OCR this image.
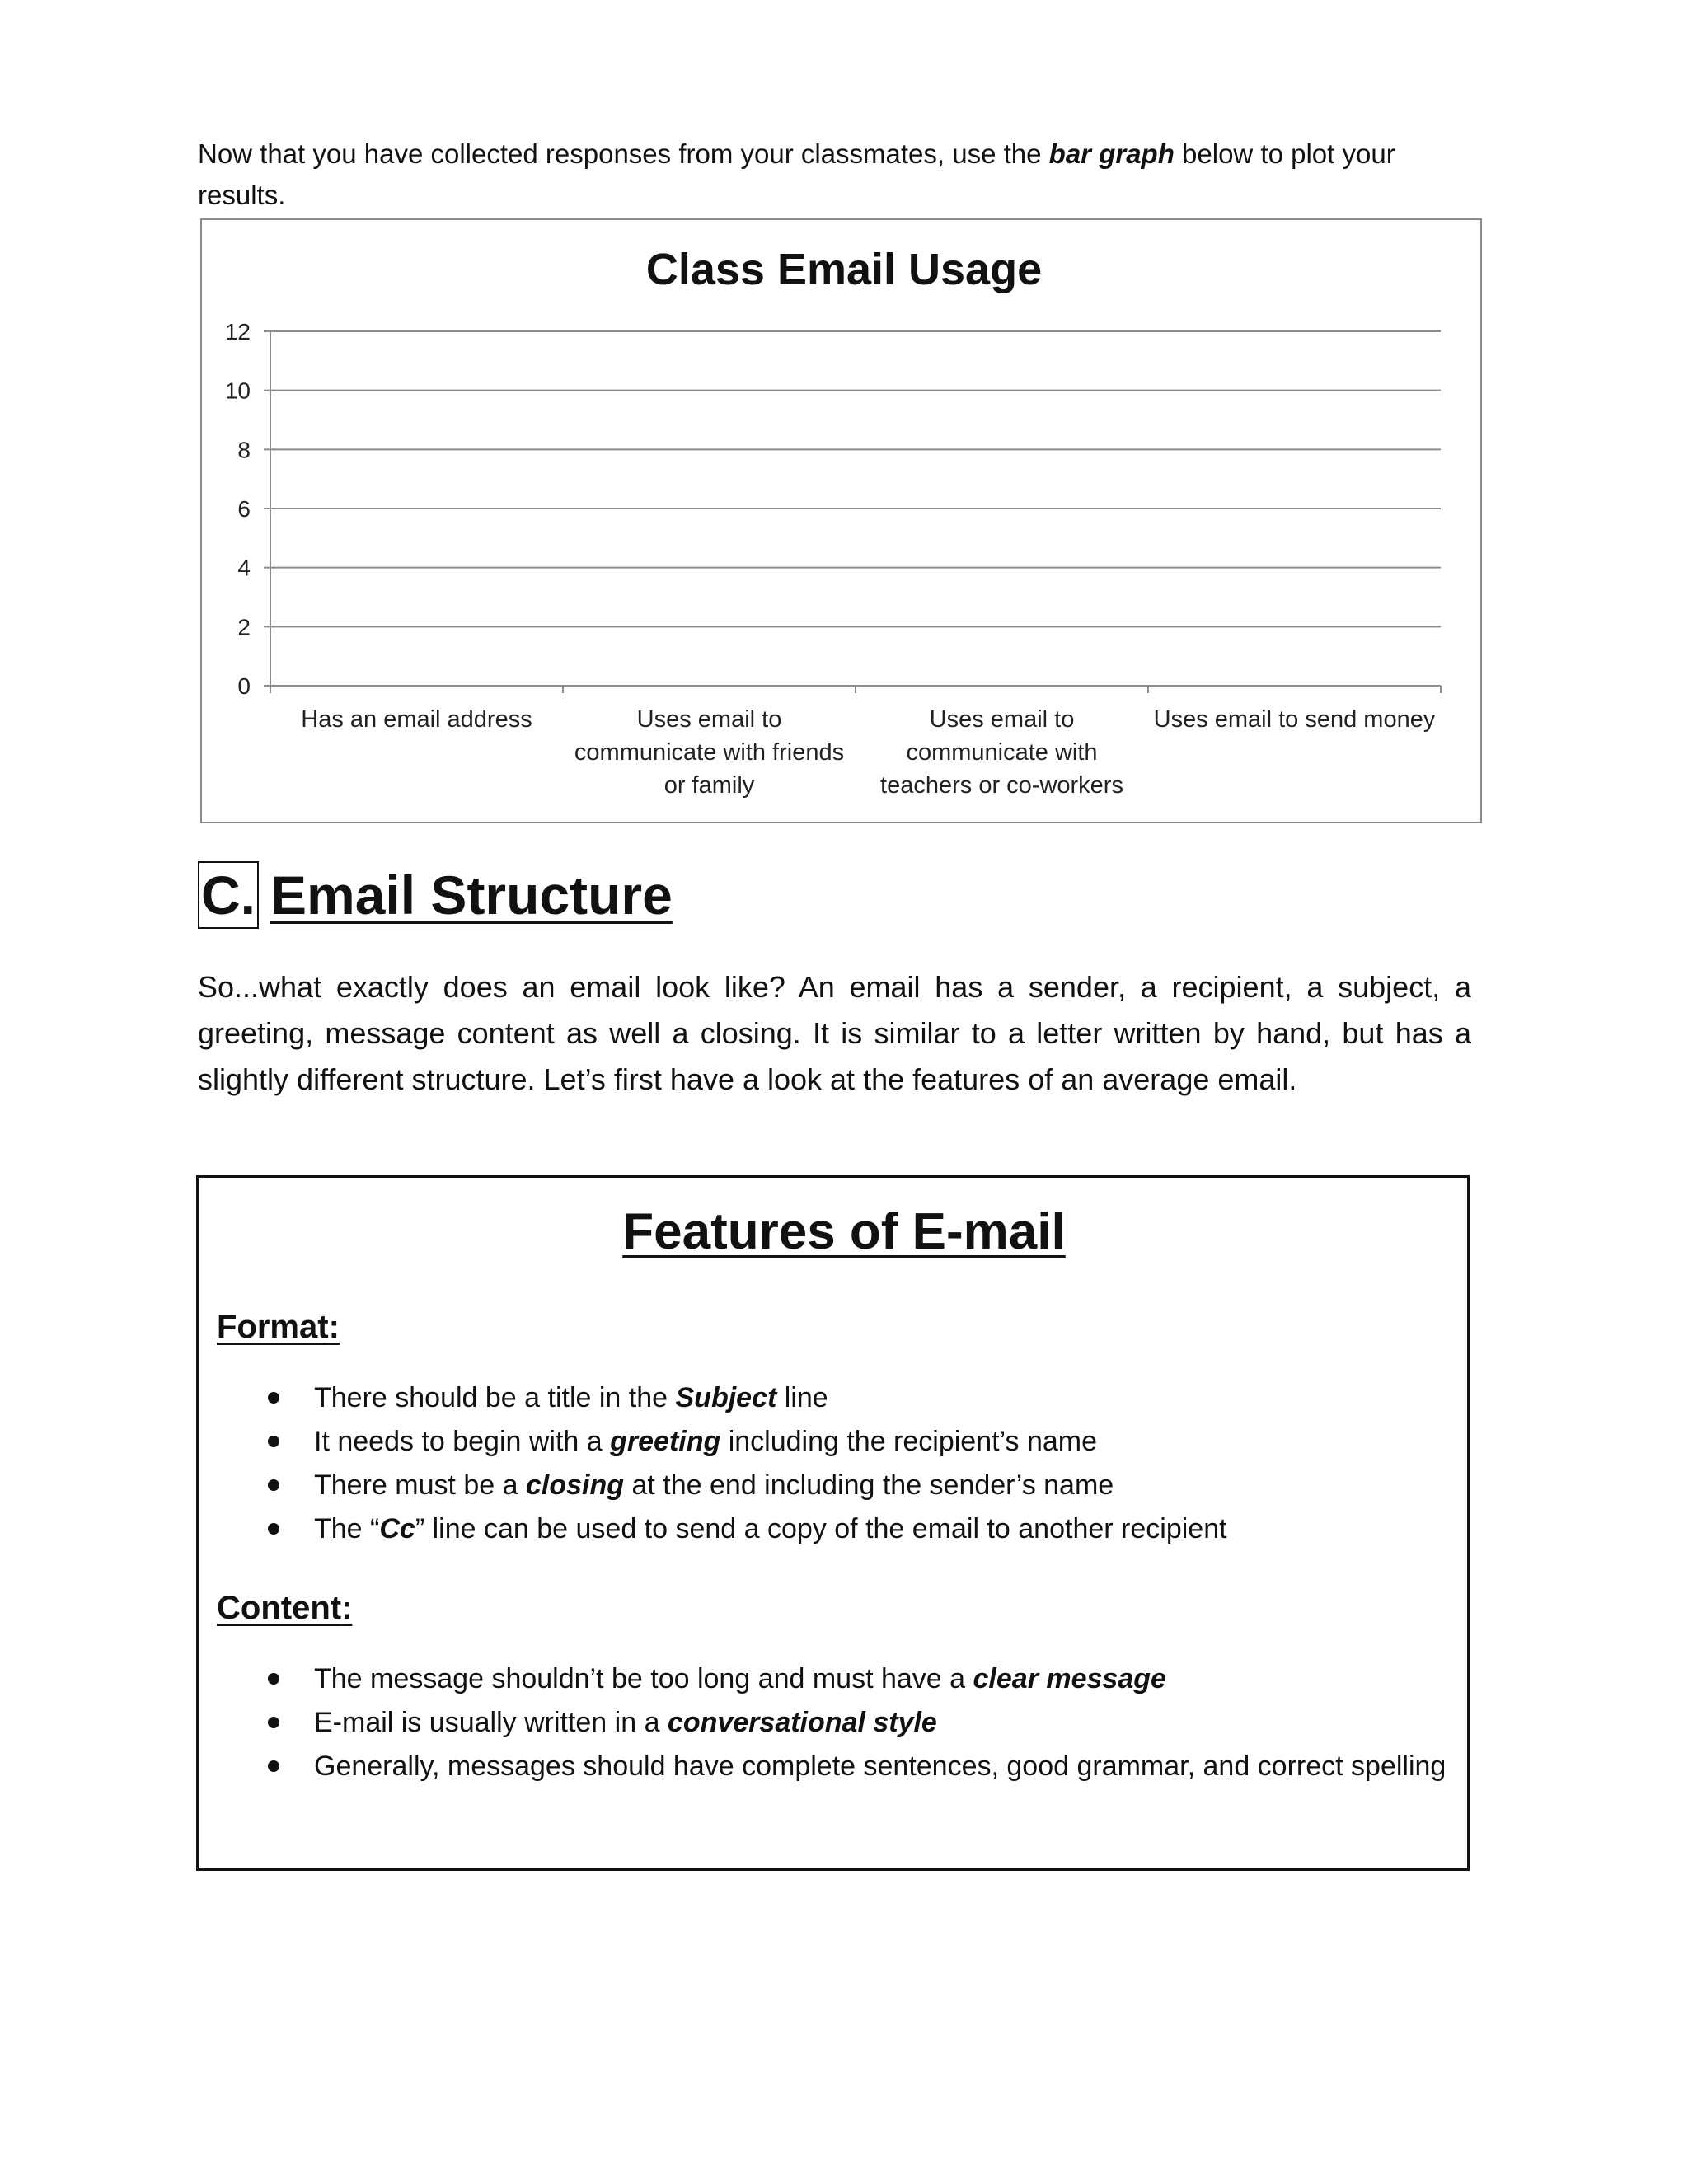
Now that you have collected responses from your classmates, use the bar graph below to plot your results.

Class Email Usage
0
2
4
6
8
10
12
Has an email address	Uses email to communicate with friends or family
Uses email to communicate with teachers or co-workers
Uses email to send money
C. Email Structure

So...what exactly does an email look like? An email has a sender, a recipient, a subject, a greeting, message content as well a closing. It is similar to a letter written by hand, but has a slightly different structure. Let’s first have a look at the features of an average email.

Features of E-mail
Format:
There should be a title in the Subject line
It needs to begin with a greeting including the recipient’s name
There must be a closing at the end including the sender’s name
The “Cc” line can be used to send a copy of the email to another recipient
Content:
The message shouldn’t be too long and must have a clear message
E-mail is usually written in a conversational style
Generally, messages should have complete sentences, good grammar, and correct spelling
